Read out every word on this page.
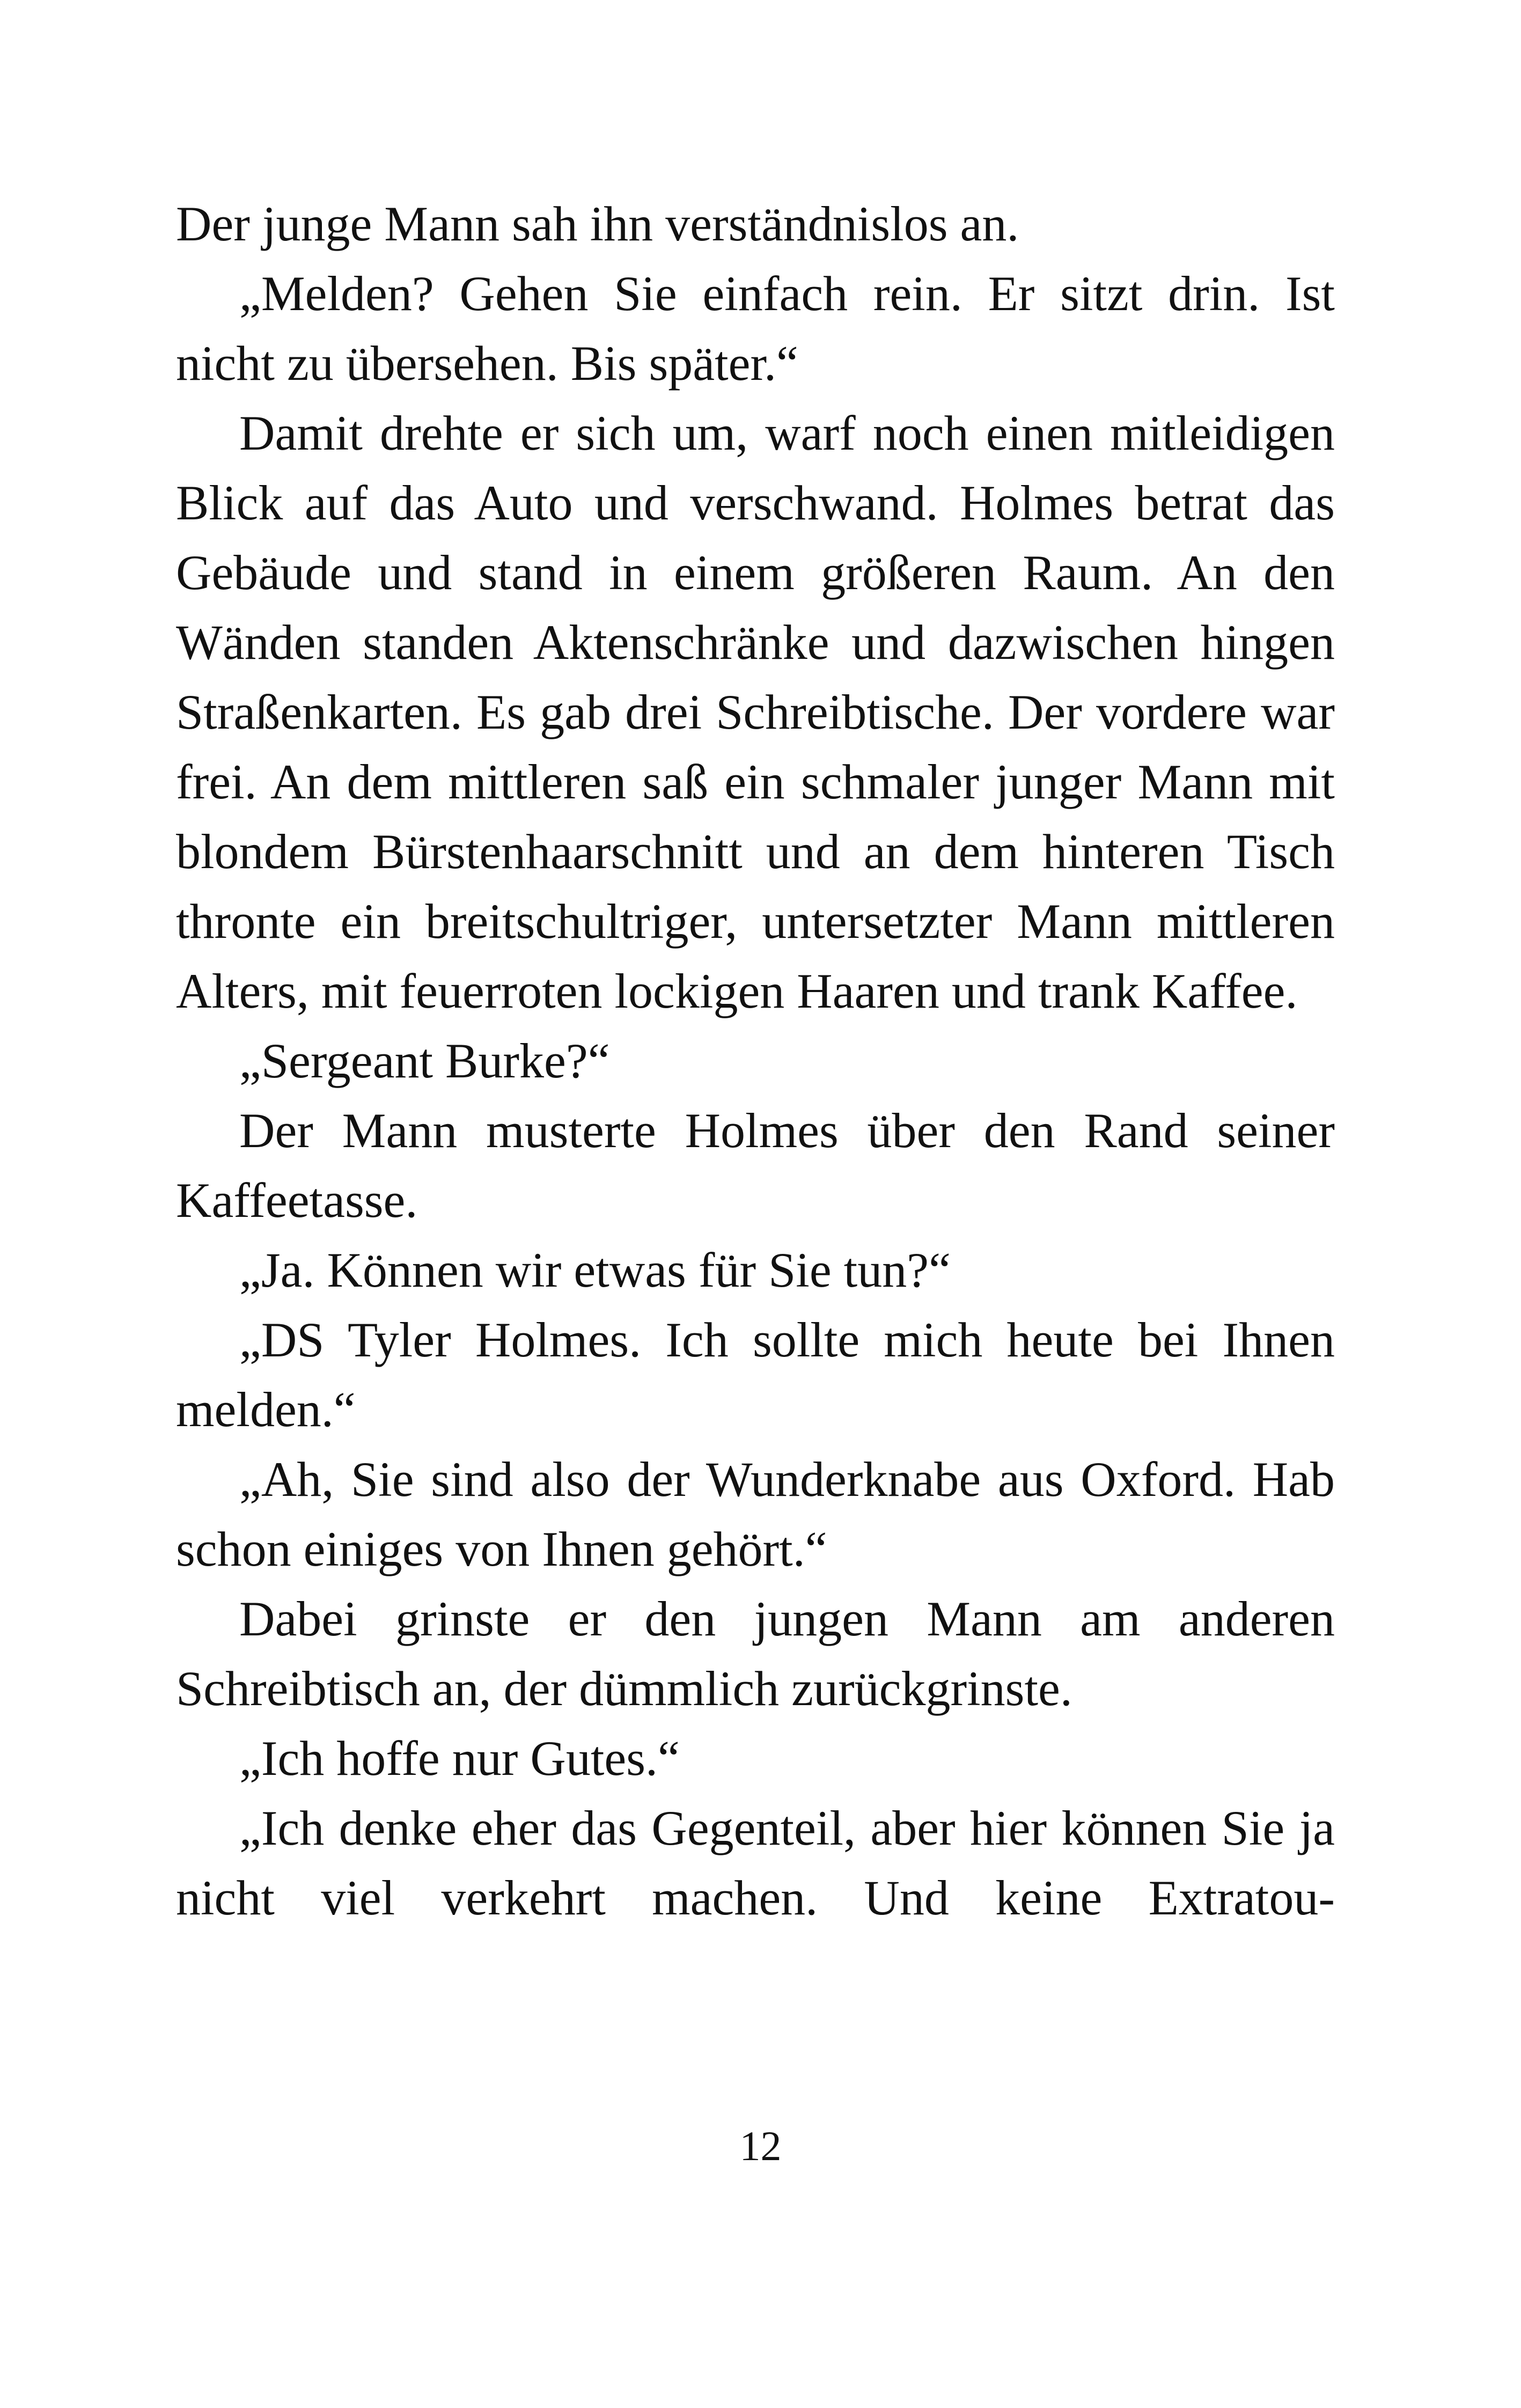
Der junge Mann sah ihn verständnislos an.

„Melden? Gehen Sie einfach rein. Er sitzt drin. Ist nicht zu übersehen. Bis später.“

Damit drehte er sich um, warf noch einen mitleidigen Blick auf das Auto und verschwand. Holmes betrat das Gebäude und stand in einem größeren Raum. An den Wänden standen Aktenschränke und dazwischen hingen Straßenkarten. Es gab drei Schreibtische. Der vordere war frei. An dem mittleren saß ein schmaler junger Mann mit blondem Bürstenhaarschnitt und an dem hinteren Tisch thronte ein breitschultriger, untersetzter Mann mittleren Alters, mit feuerroten lockigen Haaren und trank Kaffee.

„Sergeant Burke?“

Der Mann musterte Holmes über den Rand seiner Kaffeetasse.

„Ja. Können wir etwas für Sie tun?“

„DS Tyler Holmes. Ich sollte mich heute bei Ihnen melden.“

„Ah, Sie sind also der Wunderknabe aus Oxford. Hab schon einiges von Ihnen gehört.“

Dabei grinste er den jungen Mann am anderen Schreibtisch an, der dümmlich zurückgrinste.

„Ich hoffe nur Gutes.“

„Ich denke eher das Gegenteil, aber hier können Sie ja nicht viel verkehrt machen. Und keine Extratou-

12
